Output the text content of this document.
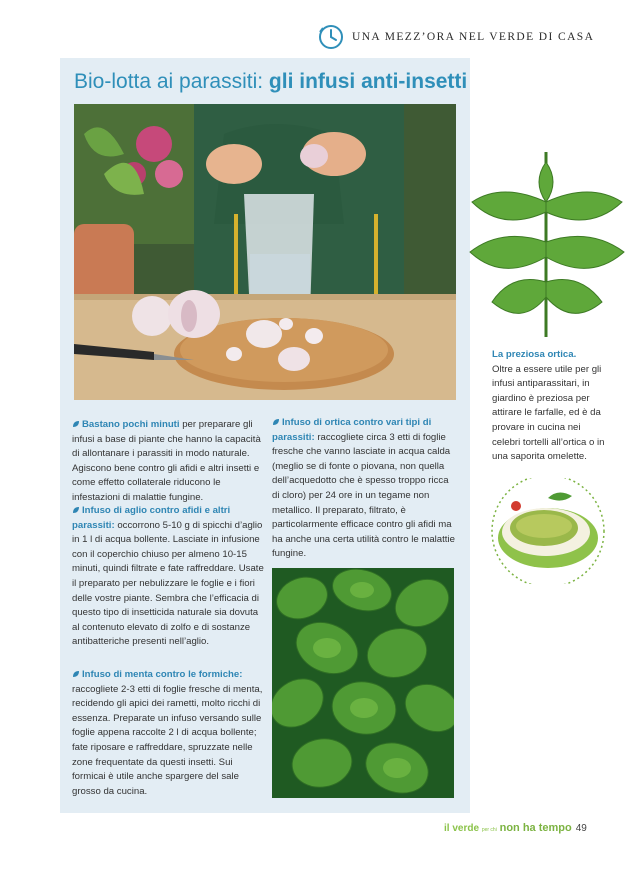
UNA MEZZ’ORA NEL VERDE DI CASA
Bio-lotta ai parassiti: gli infusi anti-insetti
Bastano pochi minuti per preparare gli infusi a base di piante che hanno la capacità di allontanare i parassiti in modo naturale. Agiscono bene contro gli afidi e altri insetti e come effetto collaterale riducono le infestazioni di malattie fungine.
Infuso di aglio contro afidi e altri parassiti: occorrono 5-10 g di spicchi d’aglio in 1 l di acqua bollente. Lasciate in infusione con il coperchio chiuso per almeno 10-15 minuti, quindi filtrate e fate raffreddare. Usate il preparato per nebulizzare le foglie e i fiori delle vostre piante. Sembra che l’efficacia di questo tipo di insetticida naturale sia dovuta al contenuto elevato di zolfo e di sostanze antibatteriche presenti nell’aglio.
Infuso di menta contro le formiche: raccogliete 2-3 etti di foglie fresche di menta, recidendo gli apici dei rametti, molto ricchi di essenza. Preparate un infuso versando sulle foglie appena raccolte 2 l di acqua bollente; fate riposare e raffreddare, spruzzate nelle zone frequentate da questi insetti. Sui formicai è utile anche spargere del sale grosso da cucina.
Infuso di ortica contro vari tipi di parassiti: raccogliete circa 3 etti di foglie fresche che vanno lasciate in acqua calda (meglio se di fonte o piovana, non quella dell’acquedotto che è spesso troppo ricca di cloro) per 24 ore in un tegame non metallico. Il preparato, filtrato, è particolarmente efficace contro gli afidi ma ha anche una certa utilità contro le malattie fungine.
La preziosa ortica.
Oltre a essere utile per gli infusi antiparassitari, in giardino è preziosa per attirare le farfalle, ed è da provare in cucina nei celebri tortelli all’ortica o in una saporita omelette.
il verde per chi non ha tempo 49
